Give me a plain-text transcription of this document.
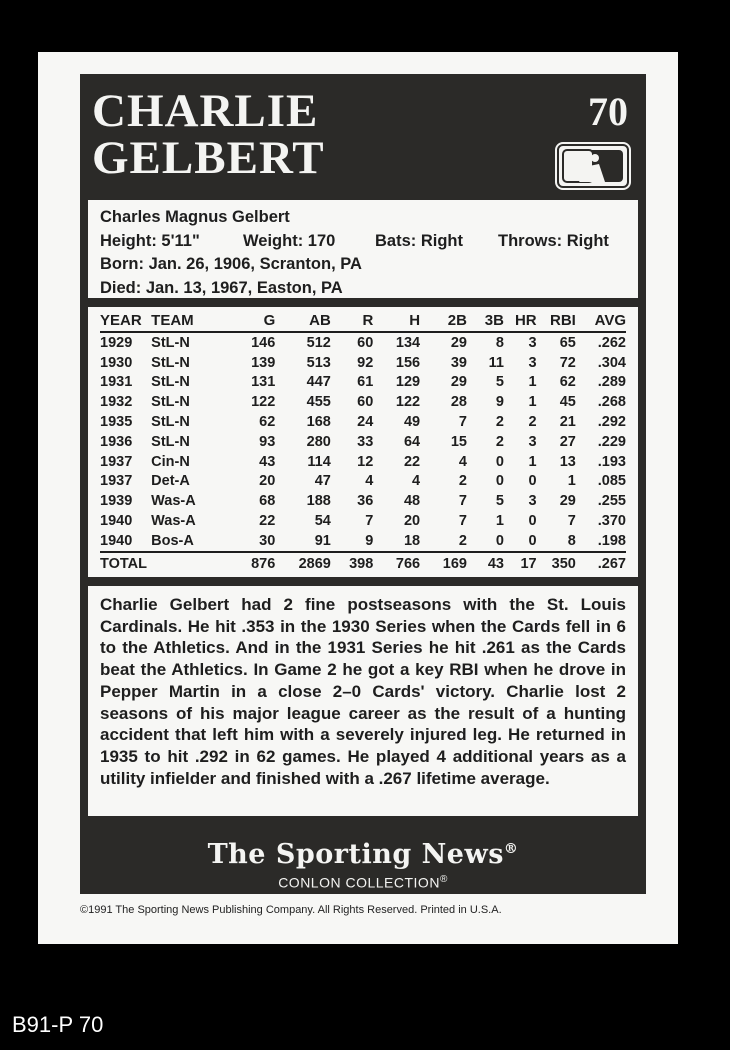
CHARLIE
GELBERT
70
Charles Magnus Gelbert
Height: 5'11"	Weight: 170 Bats: Right Throws: Right
Born: Jan. 26, 1906, Scranton, PA
Died: Jan. 13, 1967, Easton, PA
YEAR	TEAM	G	AB	R	H	2B	3B	HR	RBI	AVG
1929	StL-N	146	512	60	134	29	8	3	65	.262
1930	StL-N	139	513	92	156	39	11	3	72	.304
1931	StL-N	131	447	61	129	29	5	1	62	.289
1932	StL-N	122	455	60	122	28	9	1	45	.268
1935	StL-N	62	168	24	49	7	2	2	21	.292
1936	StL-N	93	280	33	64	15	2	3	27	.229
1937	Cin-N	43	114	12	22	4	0	1	13	.193
1937	Det-A	20	47	4	4	2	0	0	1	.085
1939	Was-A	68	188	36	48	7	5	3	29	.255
1940	Was-A	22	54	7	20	7	1	0	7	.370
1940	Bos-A	30	91	9	18	2	0	0	8	.198
TOTAL		876	2869	398	766	169	43	17	350	.267
Charlie Gelbert had 2 fine postseasons with the St. Louis Cardinals. He hit .353 in the 1930 Series when the Cards fell in 6 to the Athletics. And in the 1931 Series he hit .261 as the Cards beat the Athletics. In Game 2 he got a key RBI when he drove in Pepper Martin in a close 2–0 Cards' victory. Charlie lost 2 seasons of his major league career as the result of a hunting accident that left him with a severely injured leg. He returned in 1935 to hit .292 in 62 games. He played 4 additional years as a utility infielder and finished with a .267 lifetime average.
The Sporting News®
CONLON COLLECTION®
©1991 The Sporting News Publishing Company. All Rights Reserved. Printed in U.S.A.
B91-P 70
